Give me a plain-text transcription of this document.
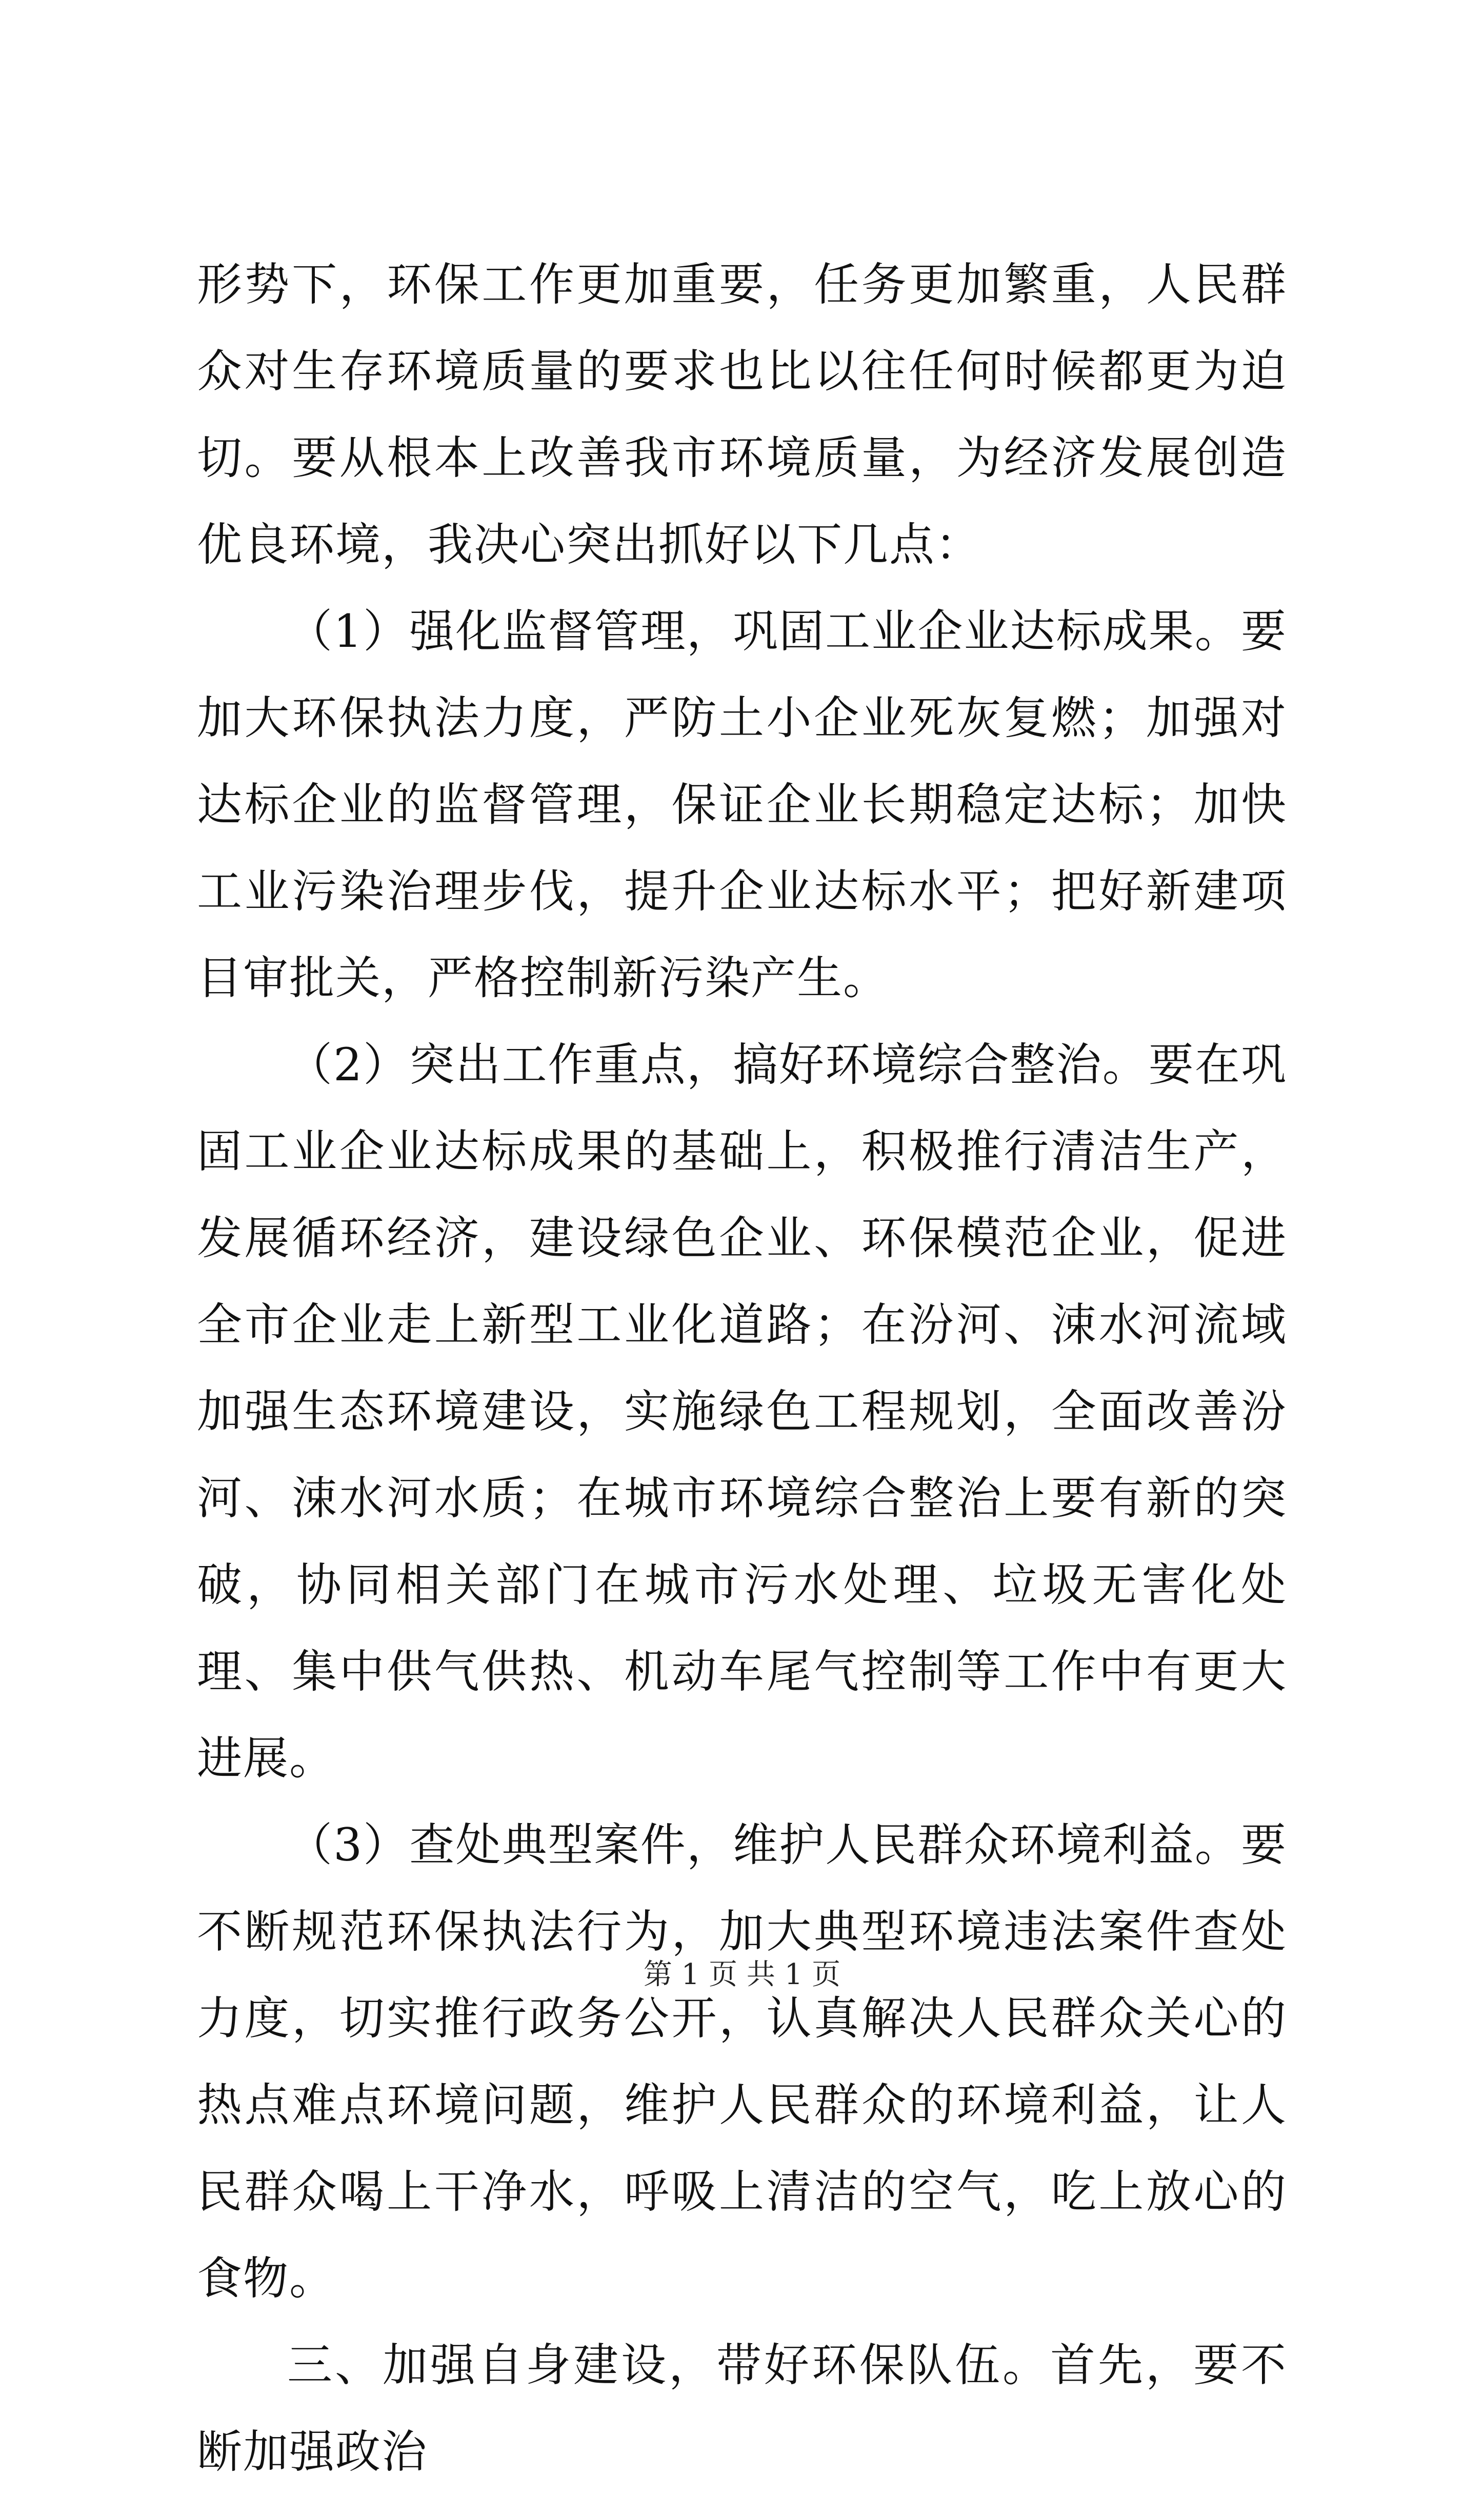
形势下，环保工作更加重要，任务更加繁重，人民群众对生存环境质量的要求也比以往任何时候都更为迫切。要从根本上改善我市环境质量，为经济发展创造优良环境，我决心突出抓好以下几点：

（1）强化监督管理，巩固工业企业达标成果。要加大环保执法力度，严防土小企业死灰复燃；加强对达标企业的监督管理，保证企业长期稳定达标；加快工业污染治理步伐，提升企业达标水平；把好新建项目审批关，严格控制新污染产生。

（2）突出工作重点，搞好环境综合整治。要在巩固工业企业达标成果的基础上，积极推行清洁生产，发展循环经济，建设绿色企业、环保模范企业，促进全市企业走上新型工业化道路；在汾河、涑水河流域加强生态环境建设，实施绿色工程规划，全面改善汾河、涑水河水质；在城市环境综合整治上要有新的突破，协同相关部门在城市污水处理、垃圾无害化处理、集中供气供热、机动车尾气控制等工作中有更大进展。

（3）查处典型案件，维护人民群众环境利益。要不断规范环保执法行为，加大典型环境违法案件查处力度，切实推行政务公开，认真解决人民群众关心的热点难点环境问题，维护人民群众的环境利益，让人民群众喝上干净水，呼吸上清洁的空气，吃上放心的食物。

三、加强自身建设，带好环保队伍。首先，要不断加强政治

第 1 页 共 1 页
